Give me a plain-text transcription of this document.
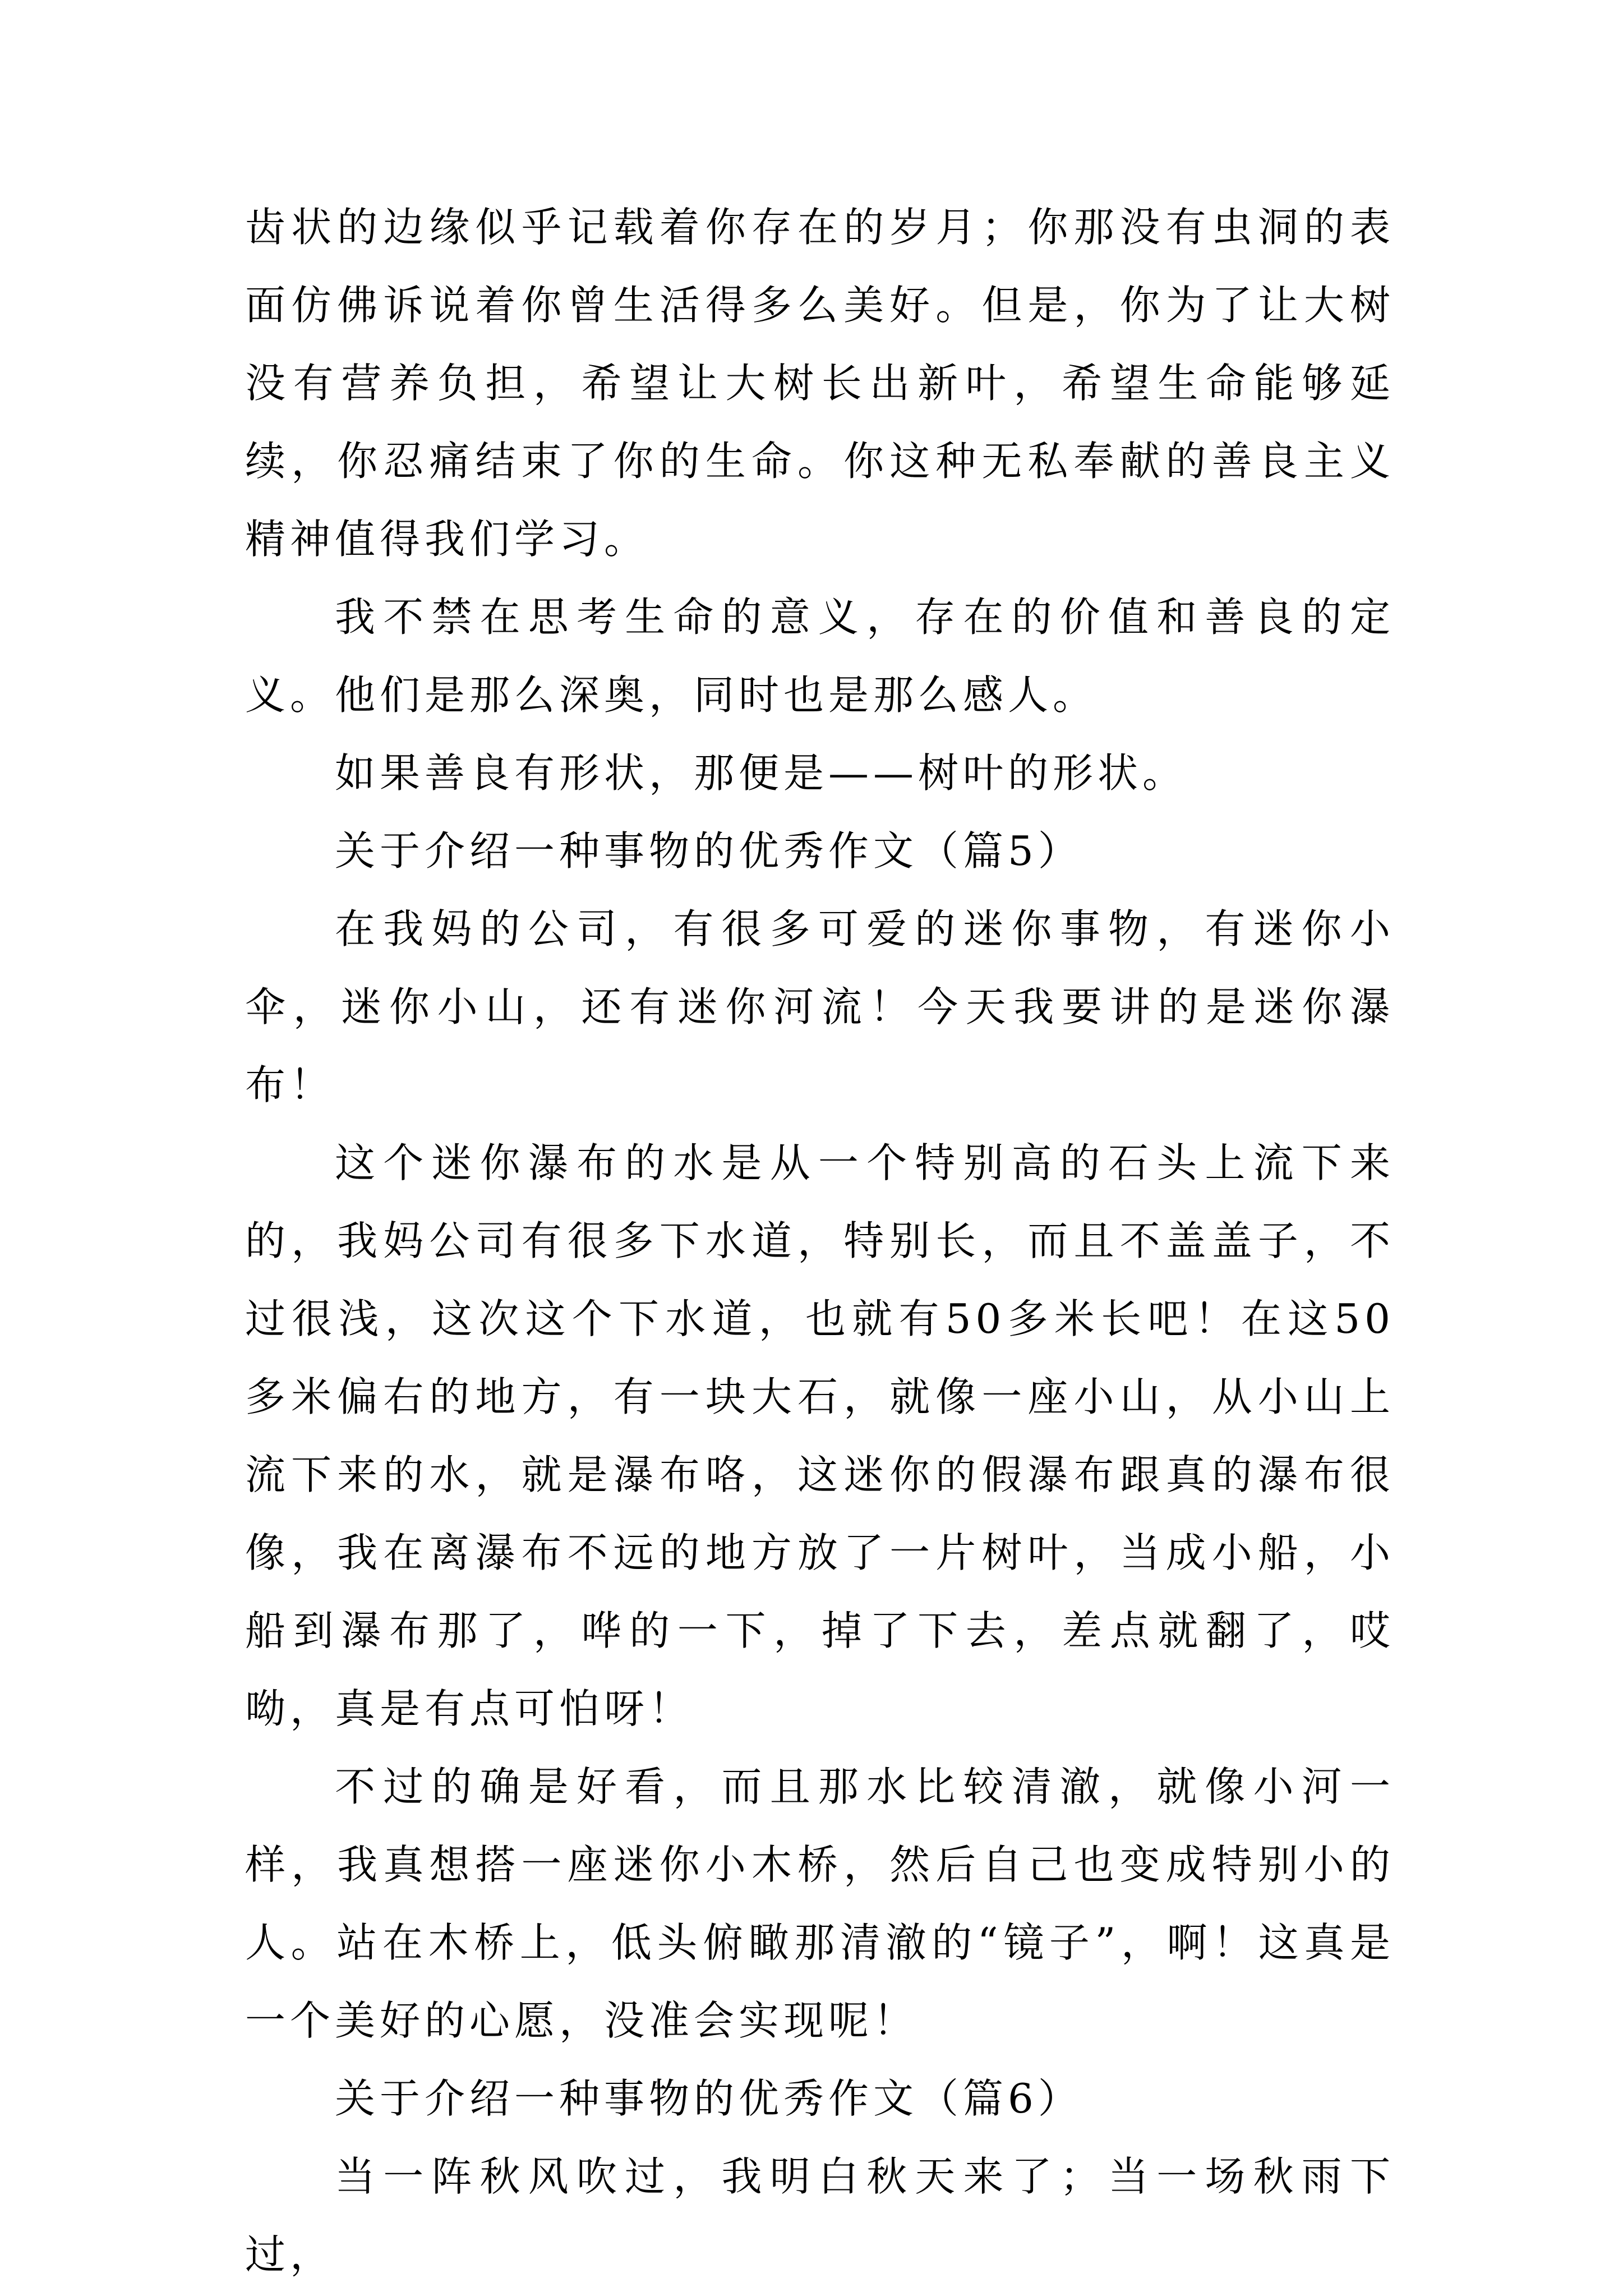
齿状的边缘似乎记载着你存在的岁月；你那没有虫洞的表面仿佛诉说着你曾生活得多么美好。但是，你为了让大树没有营养负担，希望让大树长出新叶，希望生命能够延续，你忍痛结束了你的生命。你这种无私奉献的善良主义精神值得我们学习。

我不禁在思考生命的意义，存在的价值和善良的定义。他们是那么深奥，同时也是那么感人。

如果善良有形状，那便是——树叶的形状。

关于介绍一种事物的优秀作文（篇5）

在我妈的公司，有很多可爱的迷你事物，有迷你小伞，迷你小山，还有迷你河流！今天我要讲的是迷你瀑布！

这个迷你瀑布的水是从一个特别高的石头上流下来的，我妈公司有很多下水道，特别长，而且不盖盖子，不过很浅，这次这个下水道，也就有50多米长吧！在这50多米偏右的地方，有一块大石，就像一座小山，从小山上流下来的水，就是瀑布咯，这迷你的假瀑布跟真的瀑布很像，我在离瀑布不远的地方放了一片树叶，当成小船，小船到瀑布那了，哗的一下，掉了下去，差点就翻了，哎呦，真是有点可怕呀！

不过的确是好看，而且那水比较清澈，就像小河一样，我真想搭一座迷你小木桥，然后自己也变成特别小的人。站在木桥上，低头俯瞰那清澈的“镜子”，啊！这真是一个美好的心愿，没准会实现呢！

关于介绍一种事物的优秀作文（篇6）

当一阵秋风吹过，我明白秋天来了；当一场秋雨下过，
